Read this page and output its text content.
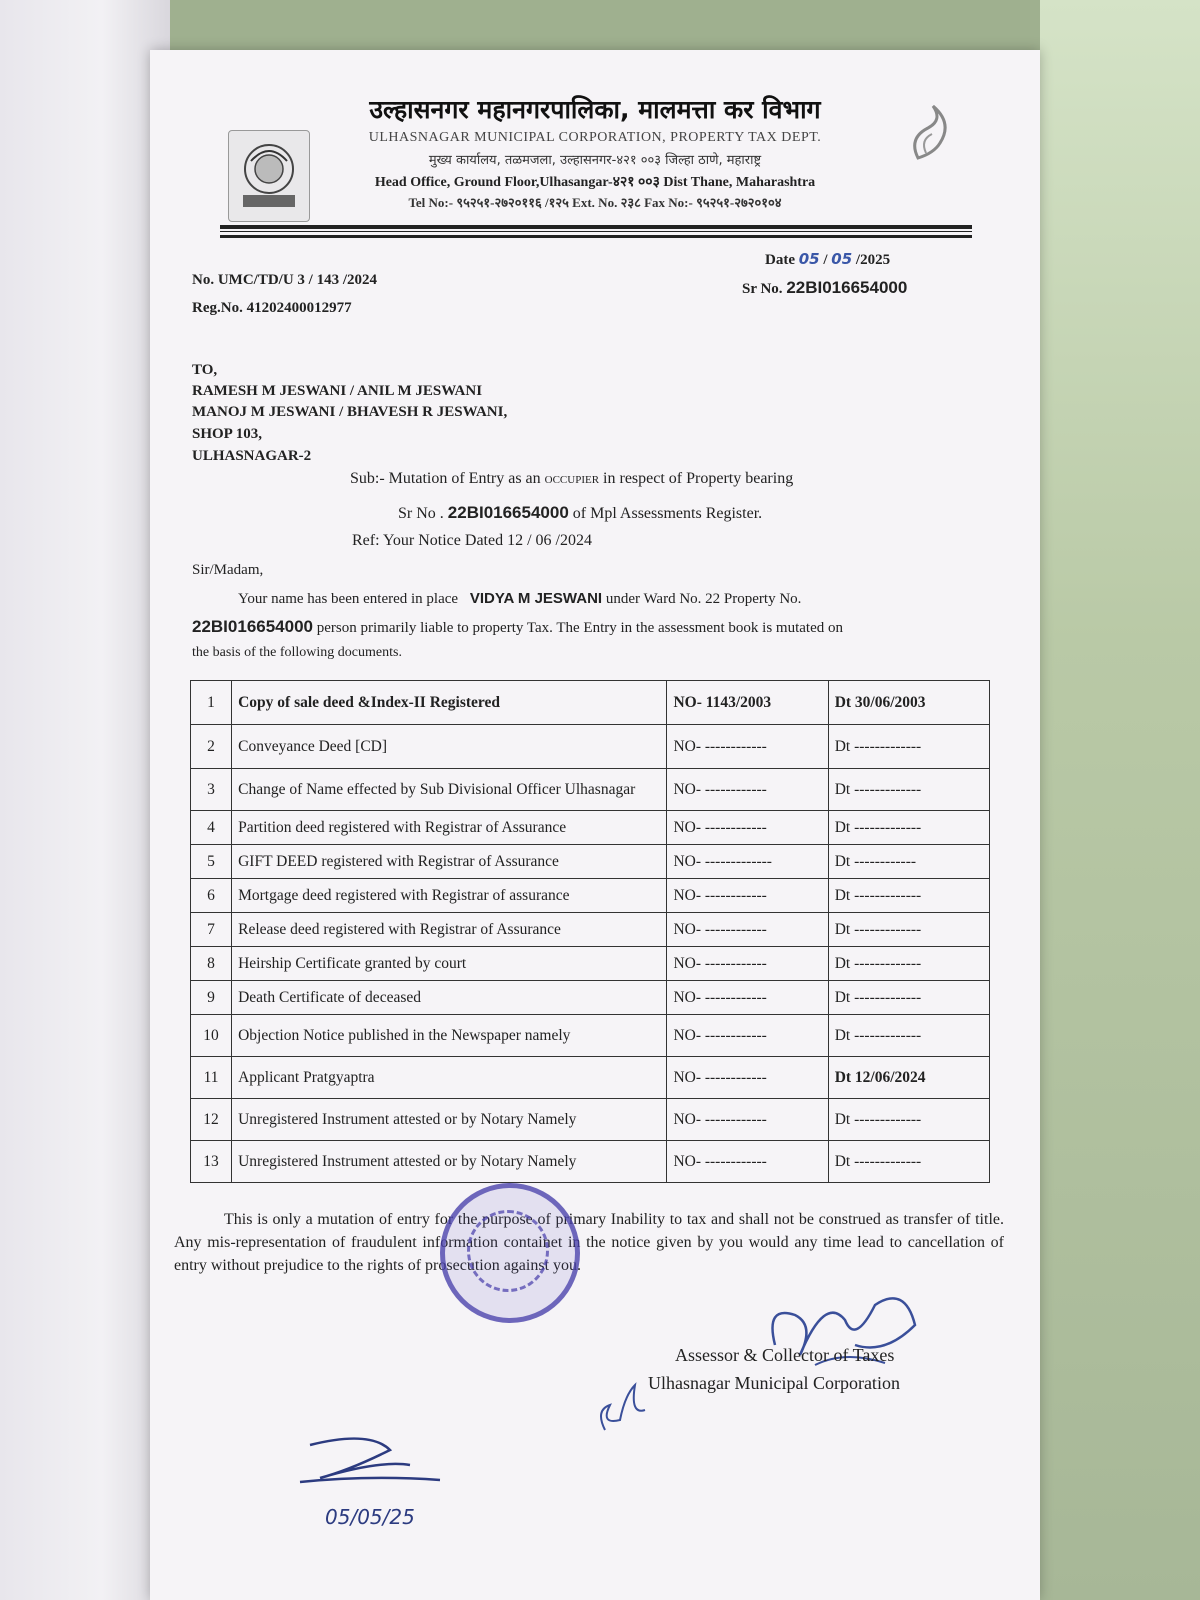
उल्हासनगर महानगरपालिका, मालमत्ता कर विभाग
ULHASNAGAR MUNICIPAL CORPORATION, PROPERTY TAX DEPT.
मुख्य कार्यालय, तळमजला, उल्हासनगर-४२१ ००३ जिल्हा ठाणे, महाराष्ट्र
Head Office, Ground Floor,Ulhasangar-४२१ ००३ Dist Thane, Maharashtra
Tel No:- ९५२५१-२७२०११६ /१२५ Ext. No. २३८ Fax No:- ९५२५१-२७२०१०४
No. UMC/TD/U 3 / 143 /2024
Reg.No. 41202400012977
Date 05 / 05 /2025
Sr No. 22BI016654000
TO,
RAMESH M JESWANI / ANIL M JESWANI
MANOJ M JESWANI / BHAVESH R JESWANI,
SHOP 103,
ULHASNAGAR-2
Sub:- Mutation of Entry as an OCCUPIER in respect of Property bearing
Sr No . 22BI016654000 of Mpl Assessments Register.
Ref: Your Notice Dated 12 / 06 /2024
Sir/Madam,
Your name has been entered in place VIDYA M JESWANI under Ward No. 22 Property No.
22BI016654000 person primarily liable to property Tax. The Entry in the assessment book is mutated on
the basis of the following documents.
1	Copy of sale deed &Index-II Registered	NO- 1143/2003	Dt 30/06/2003
2	Conveyance Deed [CD]	NO- ------------	Dt -------------
3	Change of Name effected by Sub Divisional Officer Ulhasnagar	NO- ------------	Dt -------------
4	Partition deed registered with Registrar of Assurance	NO- ------------	Dt -------------
5	GIFT DEED registered with Registrar of Assurance	NO- -------------	Dt ------------
6	Mortgage deed registered with Registrar of assurance	NO- ------------	Dt -------------
7	Release deed registered with Registrar of Assurance	NO- ------------	Dt -------------
8	Heirship Certificate granted by court	NO- ------------	Dt -------------
9	Death Certificate of deceased	NO- ------------	Dt -------------
10	Objection Notice published in the Newspaper namely	NO- ------------	Dt -------------
11	Applicant Pratgyaptra	NO- ------------	Dt 12/06/2024
12	Unregistered Instrument attested or by Notary Namely	NO- ------------	Dt -------------
13	Unregistered Instrument attested or by Notary Namely	NO- ------------	Dt -------------
This is only a mutation of entry for the purpose of primary Inability to tax and shall not be construed as transfer of title. Any mis-representation of fraudulent information containet in the notice given by you would any time lead to cancellation of entry without prejudice to the rights of prosecution against you.
Assessor & Collector of Taxes
Ulhasnagar Municipal Corporation
05/05/25
